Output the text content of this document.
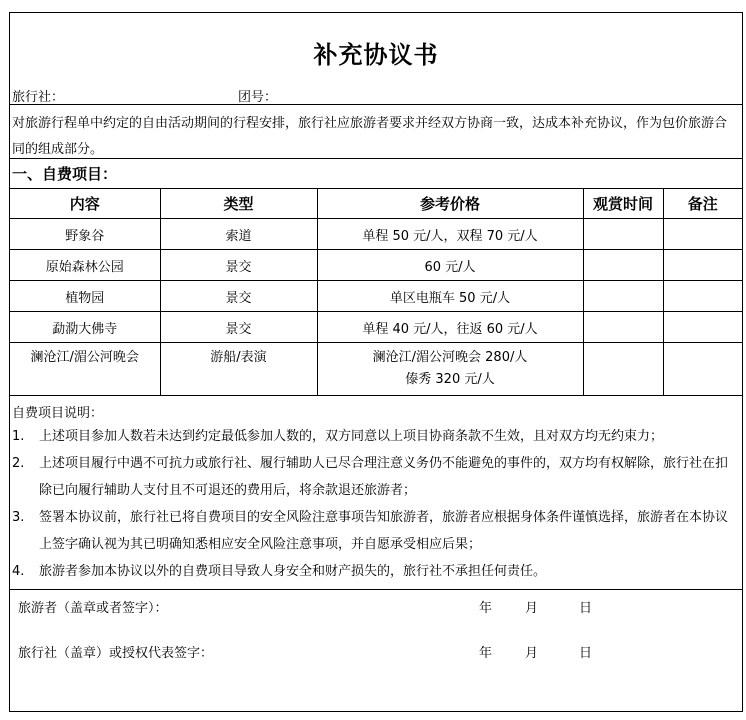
补充协议书
旅行社：	团号：
对旅游行程单中约定的自由活动期间的行程安排，旅行社应旅游者要求并经双方协商一致，达成本补充协议，作为包价旅游合
同的组成部分。
一、自费项目：
内容	类型	参考价格	观赏时间	备注
野象谷	索道	单程 50 元/人，双程 70 元/人		
原始森林公园	景交	60 元/人		
植物园	景交	单区电瓶车 50 元/人		
勐泐大佛寺	景交	单程 40 元/人，往返 60 元/人		
澜沧江/湄公河晚会	游船/表演	澜沧江/湄公河晚会 280/人
傣秀 320 元/人		

自费项目说明：
1. 上述项目参加人数若未达到约定最低参加人数的，双方同意以上项目协商条款不生效，且对双方均无约束力；
2. 上述项目履行中遇不可抗力或旅行社、履行辅助人已尽合理注意义务仍不能避免的事件的，双方均有权解除，旅行社在扣
除已向履行辅助人支付且不可退还的费用后，将余款退还旅游者；
3. 签署本协议前，旅行社已将自费项目的安全风险注意事项告知旅游者，旅游者应根据身体条件谨慎选择，旅游者在本协议
上签字确认视为其已明确知悉相应安全风险注意事项，并自愿承受相应后果；
4. 旅游者参加本协议以外的自费项目导致人身安全和财产损失的，旅行社不承担任何责任。
旅游者（盖章或者签字）：	年	月	日
旅行社（盖章）或授权代表签字：	年	月	日
